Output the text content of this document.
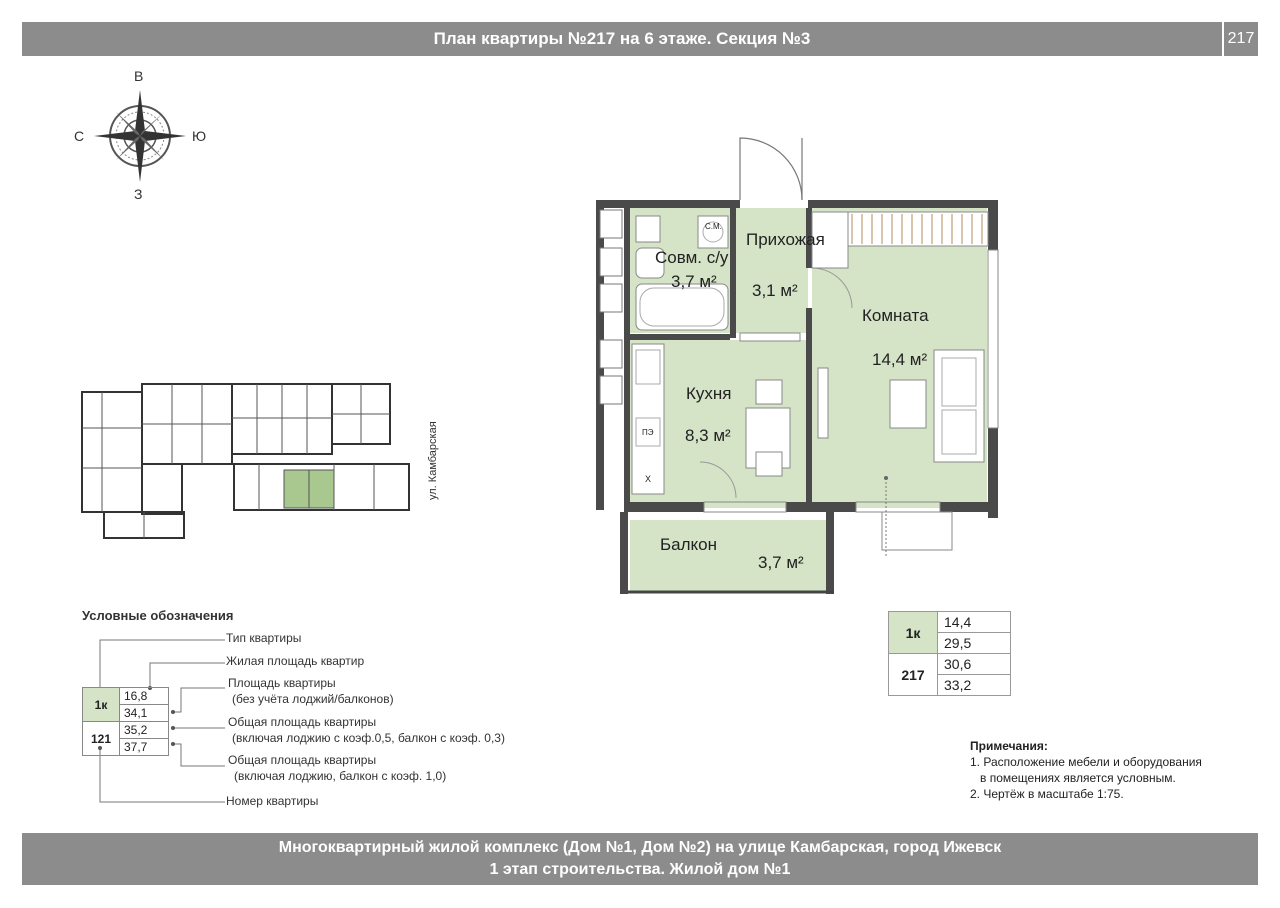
План квартиры №217 на 6 этаже. Секция №3	217
В
З
С	Ю
ул. Камбарская
С.М.
ПЭ
Х
Совм. с/у
3,7 м²
Прихожая
3,1 м²
Комната
14,4 м²
Кухня
8,3 м²
Балкон
3,7 м²
1к	14,4
	29,5
217	30,6
	33,2
Условные обозначения
1к	16,8
	34,1
121	35,2
	37,7
Тип квартиры
Жилая площадь квартир
Площадь квартиры
(без учёта лоджий/балконов)
Общая площадь квартиры
(включая лоджию с коэф.0,5, балкон с коэф. 0,3)
Общая площадь квартиры
(включая лоджию, балкон с коэф. 1,0)
Номер квартиры
Примечания:
1. Расположение мебели и оборудования
в помещениях является условным.
2. Чертёж в масштабе 1:75.
Многоквартирный жилой комплекс (Дом №1, Дом №2) на улице Камбарская, город Ижевск
1 этап строительства. Жилой дом №1
